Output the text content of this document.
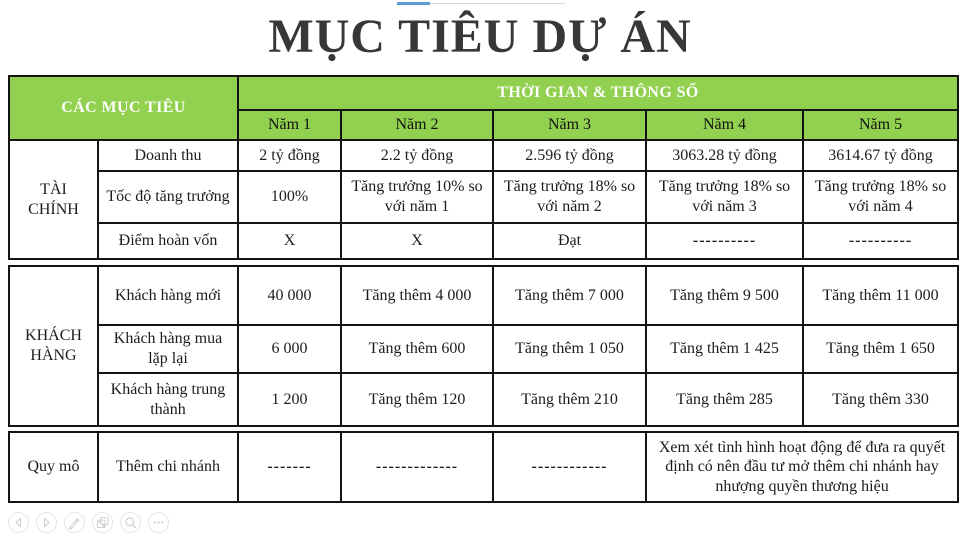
MỤC TIÊU DỰ ÁN
CÁC MỤC TIÊU		THỜI GIAN & THÔNG SỐ				
		Năm 1	Năm 2	Năm 3	Năm 4	Năm 5
TÀI CHÍNH	Doanh thu	2 tỷ đồng	2.2 tỷ đồng	2.596 tỷ đồng	3063.28 tỷ đồng	3614.67 tỷ đồng
	Tốc độ tăng trưởng	100%	Tăng trưởng 10% so với năm 1	Tăng trưởng 18% so với năm 2	Tăng trưởng 18% so với năm 3	Tăng trưởng 18% so với năm 4
	Điểm hoàn vốn	X	X	Đạt	----------	----------
KHÁCH HÀNG	Khách hàng mới	40 000	Tăng thêm 4 000	Tăng thêm 7 000	Tăng thêm 9 500	Tăng thêm 11 000
	Khách hàng mua lặp lại	6 000	Tăng thêm 600	Tăng thêm 1 050	Tăng thêm 1 425	Tăng thêm 1 650
	Khách hàng trung thành	1 200	Tăng thêm 120	Tăng thêm 210	Tăng thêm 285	Tăng thêm 330
Quy mô	Thêm chi nhánh	-------	-------------	------------	Xem xét tình hình hoạt động để đưa ra quyết định có nên đầu tư mở thêm chi nhánh hay nhượng quyền thương hiệu
